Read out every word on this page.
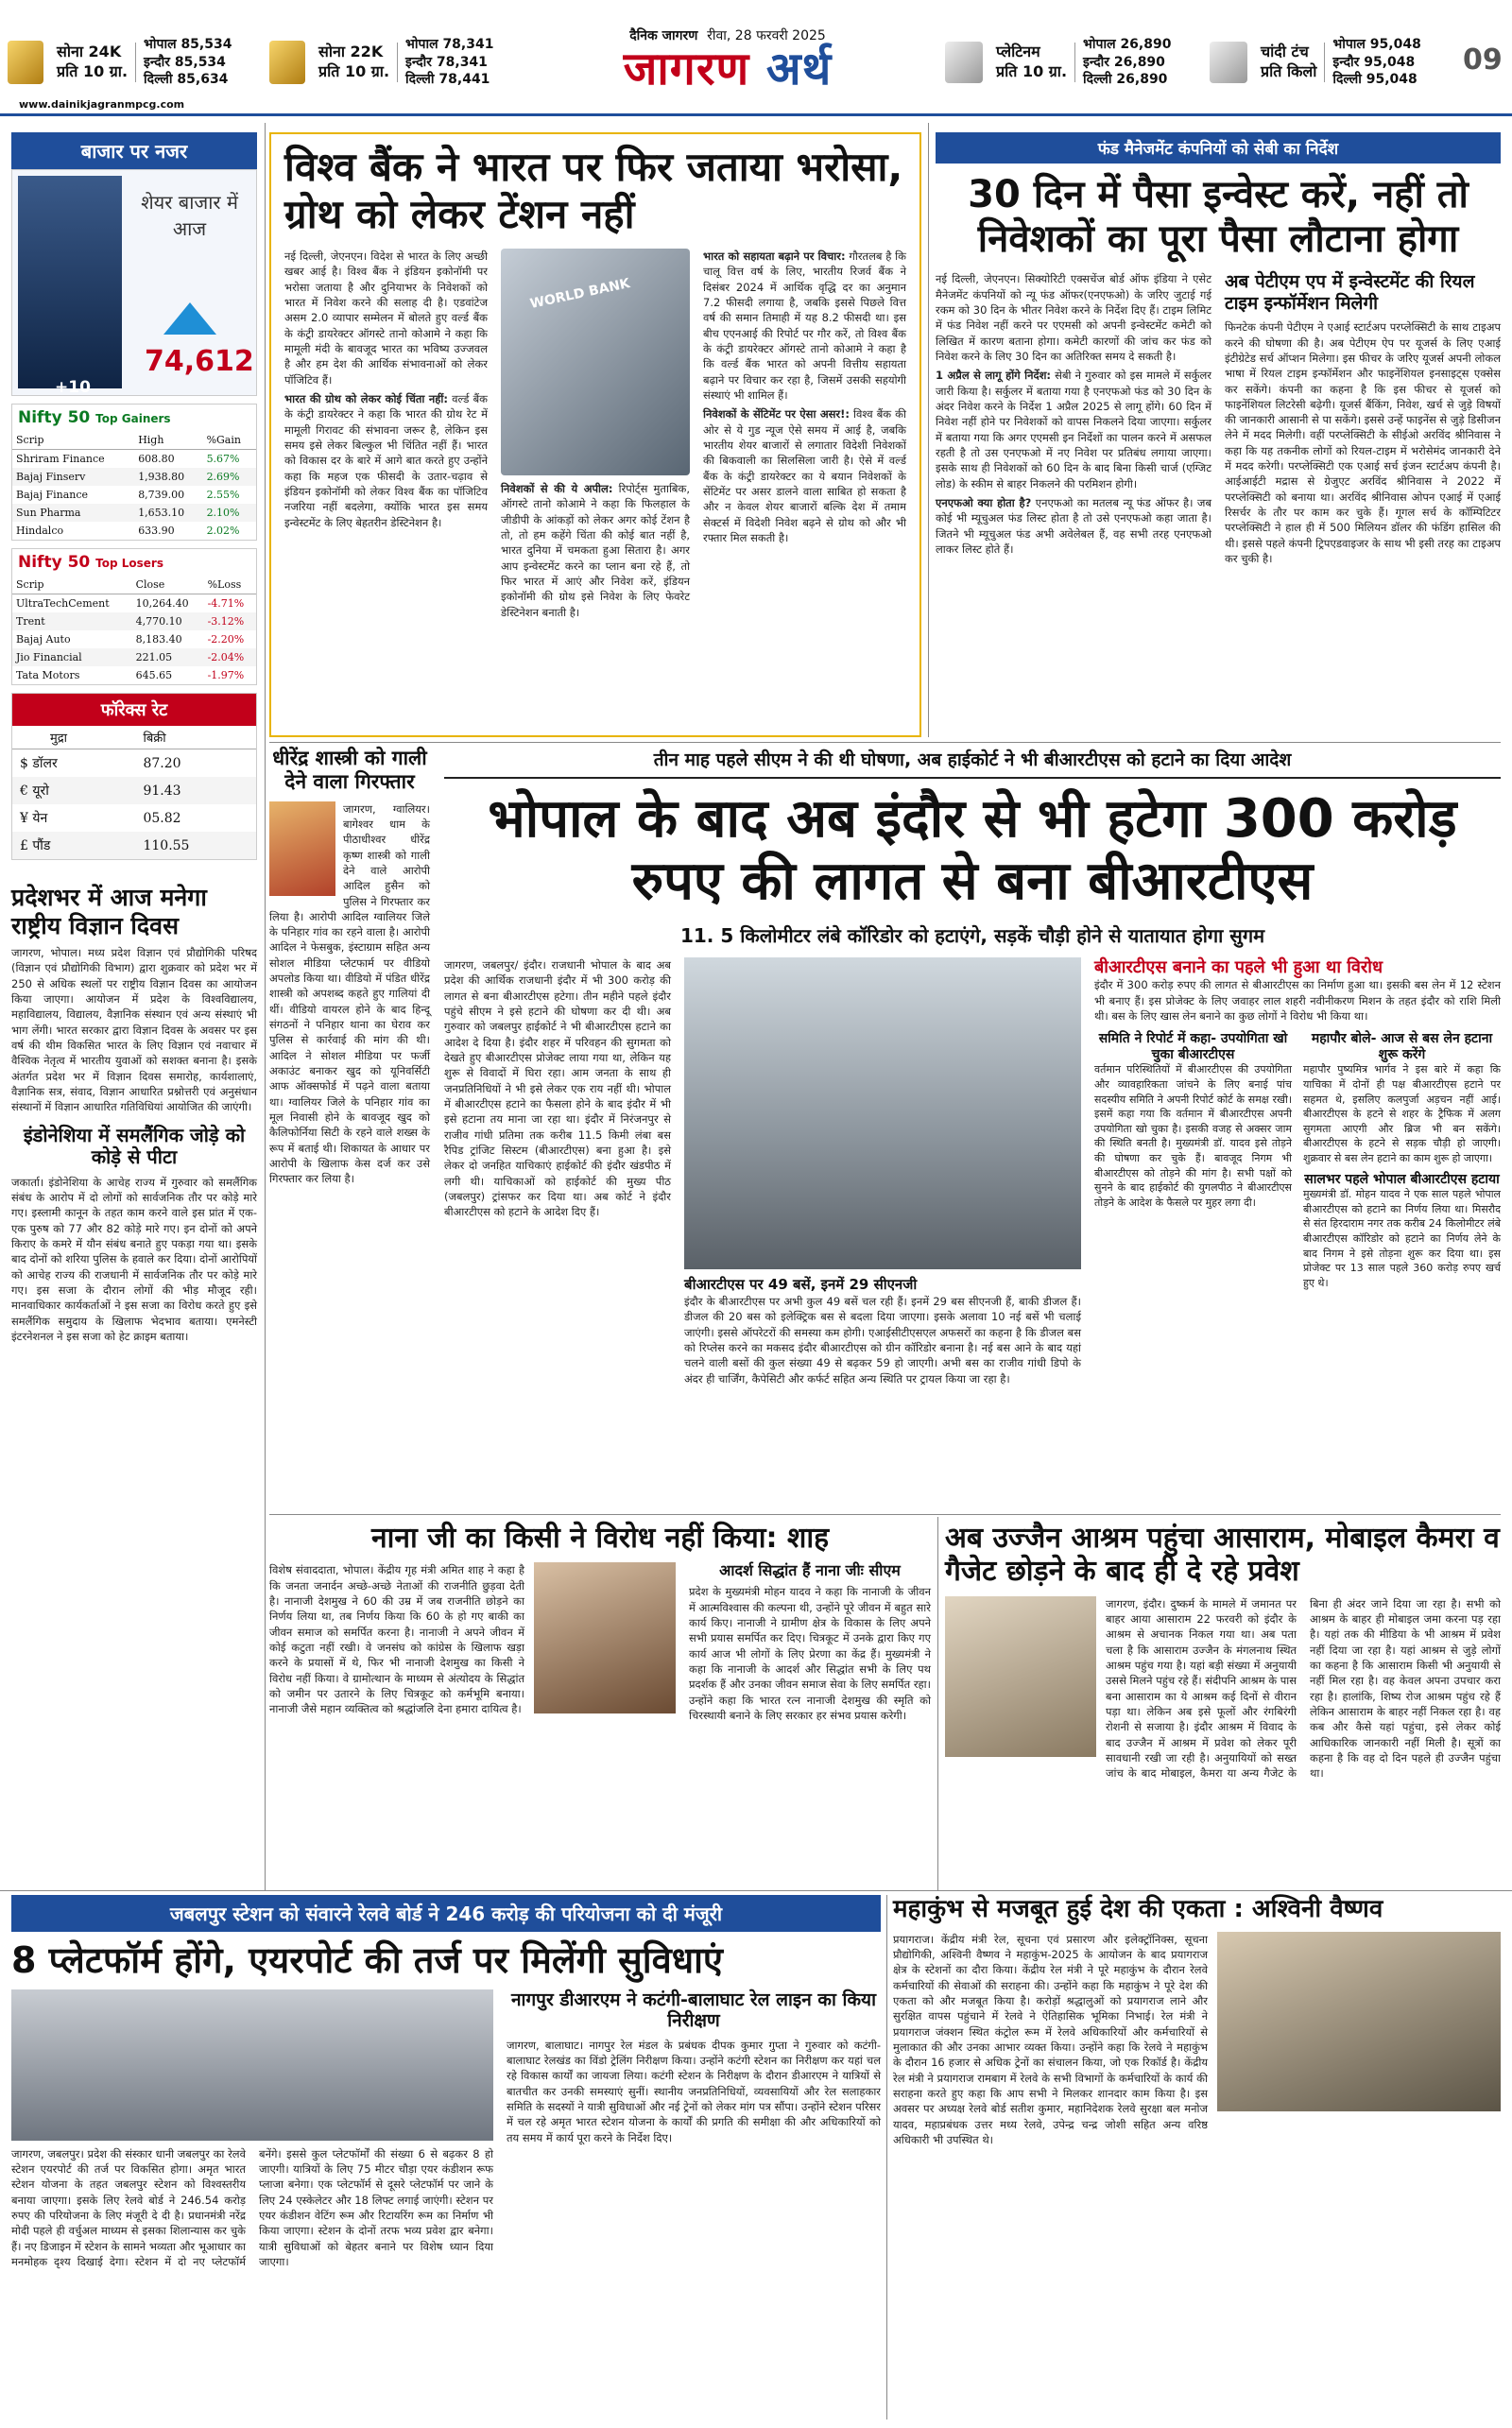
सोना 24K
प्रति 10 ग्रा.
भोपाल 85,534
इन्दौर 85,534
दिल्ली 85,634
सोना 22K
प्रति 10 ग्रा.
भोपाल 78,341
इन्दौर 78,341
दिल्ली 78,441
दैनिक जागरण रीवा, 28 फरवरी 2025
जागरण अर्थ	प्लेटिनम
प्रति 10 ग्रा.
भोपाल 26,890
इन्दौर 26,890
दिल्ली 26,890
चांदी टंच
प्रति किलो
भोपाल 95,048
इन्दौर 95,048
दिल्ली 95,048
09
www.dainikjagranmpcg.com
बाजार पर नजर
शेयर बाजार में आज
74,612
+10
Nifty 50 Top Gainers
Scrip	High	%Gain
Shriram Finance	608.80	5.67%
Bajaj Finserv	1,938.80	2.69%
Bajaj Finance	8,739.00	2.55%
Sun Pharma	1,653.10	2.10%
Hindalco	633.90	2.02%
Nifty 50 Top Losers
Scrip	Close	%Loss
UltraTechCement	10,264.40	-4.71%
Trent	4,770.10	-3.12%
Bajaj Auto	8,183.40	-2.20%
Jio Financial	221.05	-2.04%
Tata Motors	645.65	-1.97%
फॉरेक्स रेट
मुद्रा	बिक्री
$ डॉलर	87.20
€ यूरो	91.43
¥ येन	05.82
£ पौंड	110.55
विश्व बैंक ने भारत पर फिर जताया भरोसा, ग्रोथ को लेकर टेंशन नहीं

नई दिल्ली, जेएनएन। विदेश से भारत के लिए अच्छी खबर आई है। विश्व बैंक ने इंडियन इकोनॉमी पर भरोसा जताया है और दुनियाभर के निवेशकों को भारत में निवेश करने की सलाह दी है। एडवांटेज असम 2.0 व्यापार सम्मेलन में बोलते हुए वर्ल्ड बैंक के कंट्री डायरेक्टर ऑगस्टे तानो कोआमे ने कहा कि मामूली मंदी के बावजूद भारत का भविष्य उज्जवल है और हम देश की आर्थिक संभावनाओं को लेकर पॉजिटिव हैं।

भारत की ग्रोथ को लेकर कोई चिंता नहीं: वर्ल्ड बैंक के कंट्री डायरेक्टर ने कहा कि भारत की ग्रोथ रेट में मामूली गिरावट की संभावना जरूर है, लेकिन इस समय इसे लेकर बिल्कुल भी चिंतित नहीं हैं। भारत को विकास दर के बारे में आगे बात करते हुए उन्होंने कहा कि महज एक फीसदी के उतार-चढ़ाव से इंडियन इकोनॉमी को लेकर विश्व बैंक का पॉजिटिव नजरिया नहीं बदलेगा, क्योंकि भारत इस समय इन्वेस्टमेंट के लिए बेहतरीन डेस्टिनेशन है।

WORLD BANK

निवेशकों से की ये अपील: रिपोर्ट्स मुताबिक, ऑगस्टे तानो कोआमे ने कहा कि फिलहाल के जीडीपी के आंकड़ों को लेकर अगर कोई टेंशन है तो, तो हम कहेंगे चिंता की कोई बात नहीं है, भारत दुनिया में चमकता हुआ सितारा है। अगर आप इन्वेस्टमेंट करने का प्लान बना रहे हैं, तो फिर भारत में आएं और निवेश करें, इंडियन इकोनॉमी की ग्रोथ इसे निवेश के लिए फेवरेट डेस्टिनेशन बनाती है।

भारत को सहायता बढ़ाने पर विचार: गौरतलब है कि चालू वित्त वर्ष के लिए, भारतीय रिजर्व बैंक ने दिसंबर 2024 में आर्थिक वृद्धि दर का अनुमान 7.2 फीसदी लगाया है, जबकि इससे पिछले वित्त वर्ष की समान तिमाही में यह 8.2 फीसदी था। इस बीच एएनआई की रिपोर्ट पर गौर करें, तो विश्व बैंक के कंट्री डायरेक्टर ऑगस्टे तानो कोआमे ने कहा है कि वर्ल्ड बैंक भारत को अपनी वित्तीय सहायता बढ़ाने पर विचार कर रहा है, जिसमें उसकी सहयोगी संस्थाएं भी शामिल हैं।

निवेशकों के सेंटिमेंट पर ऐसा असर!: विश्व बैंक की ओर से ये गुड न्यूज ऐसे समय में आई है, जबकि भारतीय शेयर बाजारों से लगातार विदेशी निवेशकों की बिकवाली का सिलसिला जारी है। ऐसे में वर्ल्ड बैंक के कंट्री डायरेक्टर का ये बयान निवेशकों के सेंटिमेंट पर असर डालने वाला साबित हो सकता है और न केवल शेयर बाजारों बल्कि देश में तमाम सेक्टर्स में विदेशी निवेश बढ़ने से ग्रोथ को और भी रफ्तार मिल सकती है।

फंड मैनेजमेंट कंपनियों को सेबी का निर्देश
30 दिन में पैसा इन्वेस्ट करें, नहीं तो निवेशकों का पूरा पैसा लौटाना होगा

नई दिल्ली, जेएनएन। सिक्योरिटी एक्सचेंज बोर्ड ऑफ इंडिया ने एसेट मैनेजमेंट कंपनियों को न्यू फंड ऑफर(एनएफओ) के जरिए जुटाई गई रकम को 30 दिन के भीतर निवेश करने के निर्देश दिए हैं। टाइम लिमिट में फंड निवेश नहीं करने पर एएमसी को अपनी इन्वेस्टमेंट कमेटी को लिखित में कारण बताना होगा। कमेटी कारणों की जांच कर फंड को निवेश करने के लिए 30 दिन का अतिरिक्त समय दे सकती है।

1 अप्रैल से लागू होंगे निर्देश: सेबी ने गुरुवार को इस मामले में सर्कुलर जारी किया है। सर्कुलर में बताया गया है एनएफओ फंड को 30 दिन के अंदर निवेश करने के निर्देश 1 अप्रैल 2025 से लागू होंगे। 60 दिन में निवेश नहीं होने पर निवेशकों को वापस निकलने दिया जाएगा। सर्कुलर में बताया गया कि अगर एएमसी इन निर्देशों का पालन करने में असफल रहती है तो उस एनएफओ में नए निवेश पर प्रतिबंध लगाया जाएगा। इसके साथ ही निवेशकों को 60 दिन के बाद बिना किसी चार्ज (एग्जिट लोड) के स्कीम से बाहर निकलने की परमिशन होगी।

एनएफओ क्या होता है? एनएफओ का मतलब न्यू फंड ऑफर है। जब कोई भी म्यूचुअल फंड लिस्ट होता है तो उसे एनएफओ कहा जाता है। जितने भी म्यूचुअल फंड अभी अवेलेबल हैं, वह सभी तरह एनएफओ लाकर लिस्ट होते हैं।

अब पेटीएम एप में इन्वेस्टमेंट की रियल टाइम इन्फॉर्मेशन मिलेगी

फिनटेक कंपनी पेटीएम ने एआई स्टार्टअप परप्लेक्सिटी के साथ टाइअप करने की घोषणा की है। अब पेटीएम ऐप पर यूजर्स के लिए एआई इंटीग्रेटेड सर्च ऑप्शन मिलेगा। इस फीचर के जरिए यूजर्स अपनी लोकल भाषा में रियल टाइम इन्फॉर्मेशन और फाइनेंशियल इनसाइट्स एक्सेस कर सकेंगे। कंपनी का कहना है कि इस फीचर से यूजर्स को फाइनेंशियल लिटरेसी बढ़ेगी। यूजर्स बैंकिंग, निवेश, खर्च से जुड़े विषयों की जानकारी आसानी से पा सकेंगे। इससे उन्हें फाइनेंस से जुड़े डिसीजन लेने में मदद मिलेगी। वहीं परप्लेक्सिटी के सीईओ अरविंद श्रीनिवास ने कहा कि यह तकनीक लोगों को रियल-टाइम में भरोसेमंद जानकारी देने में मदद करेगी। परप्लेक्सिटी एक एआई सर्च इंजन स्टार्टअप कंपनी है। आईआईटी मद्रास से ग्रेजुएट अरविंद श्रीनिवास ने 2022 में परप्लेक्सिटी को बनाया था। अरविंद श्रीनिवास ओपन एआई में एआई रिसर्चर के तौर पर काम कर चुके हैं। गूगल सर्च के कॉम्पिटिटर परप्लेक्सिटी ने हाल ही में 500 मिलियन डॉलर की फंडिंग हासिल की थी। इससे पहले कंपनी ट्रिपएडवाइजर के साथ भी इसी तरह का टाइअप कर चुकी है।

धीरेंद्र शास्त्री को गाली देने वाला गिरफ्तार

जागरण, ग्वालियर। बागेश्वर धाम के पीठाधीश्वर धीरेंद्र कृष्ण शास्त्री को गाली देने वाले आरोपी आदिल हुसैन को पुलिस ने गिरफ्तार कर लिया है। आरोपी आदिल ग्वालियर जिले के पनिहार गांव का रहने वाला है। आरोपी आदिल ने फेसबुक, इंस्टाग्राम सहित अन्य सोशल मीडिया प्लेटफार्म पर वीडियो अपलोड किया था। वीडियो में पंडित धीरेंद्र शास्त्री को अपशब्द कहते हुए गालियां दी थीं। वीडियो वायरल होने के बाद हिन्दू संगठनों ने पनिहार थाना का घेराव कर पुलिस से कार्रवाई की मांग की थी। आदिल ने सोशल मीडिया पर फर्जी अकाउंट बनाकर खुद को यूनिवर्सिटी आफ ऑक्सफोर्ड में पढ़ने वाला बताया था। ग्वालियर जिले के पनिहार गांव का मूल निवासी होने के बावजूद खुद को कैलिफोर्निया सिटी के रहने वाले शख्स के रूप में बताई थी। शिकायत के आधार पर आरोपी के खिलाफ केस दर्ज कर उसे गिरफ्तार कर लिया है।

तीन माह पहले सीएम ने की थी घोषणा, अब हाईकोर्ट ने भी बीआरटीएस को हटाने का दिया आदेश
भोपाल के बाद अब इंदौर से भी हटेगा 300 करोड़ रुपए की लागत से बना बीआरटीएस
11. 5 किलोमीटर लंबे कॉरिडोर को हटाएंगे, सड़कें चौड़ी होने से यातायात होगा सुगम

जागरण, जबलपुर/ इंदौर। राजधानी भोपाल के बाद अब प्रदेश की आर्थिक राजधानी इंदौर में भी 300 करोड़ की लागत से बना बीआरटीएस हटेगा। तीन महीने पहले इंदौर पहुंचे सीएम ने इसे हटाने की घोषणा कर दी थी। अब गुरुवार को जबलपुर हाईकोर्ट ने भी बीआरटीएस हटाने का आदेश दे दिया है। इंदौर शहर में परिवहन की सुगमता को देखते हुए बीआरटीएस प्रोजेक्ट लाया गया था, लेकिन यह शुरू से विवादों में घिरा रहा। आम जनता के साथ ही जनप्रतिनिधियों ने भी इसे लेकर एक राय नहीं थी। भोपाल में बीआरटीएस हटाने का फैसला होने के बाद इंदौर में भी इसे हटाना तय माना जा रहा था। इंदौर में निरंजनपुर से राजीव गांधी प्रतिमा तक करीब 11.5 किमी लंबा बस रैपिड ट्रांजिट सिस्टम (बीआरटीएस) बना हुआ है। इसे लेकर दो जनहित याचिकाएं हाईकोर्ट की इंदौर खंडपीठ में लगी थी। याचिकाओं को हाईकोर्ट की मुख्य पीठ (जबलपुर) ट्रांसफर कर दिया था। अब कोर्ट ने इंदौर बीआरटीएस को हटाने के आदेश दिए हैं।

बीआरटीएस पर 49 बसें, इनमें 29 सीएनजी

इंदौर के बीआरटीएस पर अभी कुल 49 बसें चल रही हैं। इनमें 29 बस सीएनजी हैं, बाकी डीजल हैं। डीजल की 20 बस को इलेक्ट्रिक बस से बदला दिया जाएगा। इसके अलावा 10 नई बसें भी चलाई जाएंगी। इससे ऑपरेटरों की समस्या कम होगी। एआईसीटीएसएल अफसरों का कहना है कि डीजल बस को रिप्लेस करने का मकसद इंदौर बीआरटीएस को ग्रीन कॉरिडोर बनाना है। नई बस आने के बाद यहां चलने वाली बसों की कुल संख्या 49 से बढ़कर 59 हो जाएगी। अभी बस का राजीव गांधी डिपो के अंदर ही चार्जिंग, कैपेसिटी और कर्फर्ट सहित अन्य स्थिति पर ट्रायल किया जा रहा है।

बीआरटीएस बनाने का पहले भी हुआ था विरोध

इंदौर में 300 करोड़ रुपए की लागत से बीआरटीएस का निर्माण हुआ था। इसकी बस लेन में 12 स्टेशन भी बनाए हैं। इस प्रोजेक्ट के लिए जवाहर लाल शहरी नवीनीकरण मिशन के तहत इंदौर को राशि मिली थी। बस के लिए खास लेन बनाने का कुछ लोगों ने विरोध भी किया था।

समिति ने रिपोर्ट में कहा- उपयोगिता खो चुका बीआरटीएस

वर्तमान परिस्थितियों में बीआरटीएस की उपयोगिता और व्यावहारिकता जांचने के लिए बनाई पांच सदस्यीय समिति ने अपनी रिपोर्ट कोर्ट के समक्ष रखी। इसमें कहा गया कि वर्तमान में बीआरटीएस अपनी उपयोगिता खो चुका है। इसकी वजह से अक्सर जाम की स्थिति बनती है। मुख्यमंत्री डॉ. यादव इसे तोड़ने की घोषणा कर चुके हैं। बावजूद निगम भी बीआरटीएस को तोड़ने की मांग है। सभी पक्षों को सुनने के बाद हाईकोर्ट की युगलपीठ ने बीआरटीएस तोड़ने के आदेश के फैसले पर मुहर लगा दी।

महापौर बोले- आज से बस लेन हटाना शुरू करेंगे

महापौर पुष्यमित्र भार्गव ने इस बारे में कहा कि याचिका में दोनों ही पक्ष बीआरटीएस हटाने पर सहमत थे, इसलिए कलपुर्जा अड़चन नहीं आई। बीआरटीएस के हटने से शहर के ट्रैफिक में अलग सुगमता आएगी और ब्रिज भी बन सकेंगे। बीआरटीएस के हटने से सड़क चौड़ी हो जाएगी। शुक्रवार से बस लेन हटाने का काम शुरू हो जाएगा।

सालभर पहले भोपाल बीआरटीएस हटाया

मुख्यमंत्री डॉ. मोहन यादव ने एक साल पहले भोपाल बीआरटीएस को हटाने का निर्णय लिया था। मिसरौद से संत हिरदाराम नगर तक करीब 24 किलोमीटर लंबे बीआरटीएस कॉरिडोर को हटाने का निर्णय लेने के बाद निगम ने इसे तोड़ना शुरू कर दिया था। इस प्रोजेक्ट पर 13 साल पहले 360 करोड़ रुपए खर्च हुए थे।

प्रदेशभर में आज मनेगा राष्ट्रीय विज्ञान दिवस

जागरण, भोपाल। मध्य प्रदेश विज्ञान एवं प्रौद्योगिकी परिषद (विज्ञान एवं प्रौद्योगिकी विभाग) द्वारा शुक्रवार को प्रदेश भर में 250 से अधिक स्थलों पर राष्ट्रीय विज्ञान दिवस का आयोजन किया जाएगा। आयोजन में प्रदेश के विश्वविद्यालय, महाविद्यालय, विद्यालय, वैज्ञानिक संस्थान एवं अन्य संस्थाएं भी भाग लेंगी। भारत सरकार द्वारा विज्ञान दिवस के अवसर पर इस वर्ष की थीम विकसित भारत के लिए विज्ञान एवं नवाचार में वैश्विक नेतृत्व में भारतीय युवाओं को सशक्त बनाना है। इसके अंतर्गत प्रदेश भर में विज्ञान दिवस समारोह, कार्यशालाएं, वैज्ञानिक सत्र, संवाद, विज्ञान आधारित प्रश्नोत्तरी एवं अनुसंधान संस्थानों में विज्ञान आधारित गतिविधियां आयोजित की जाएंगी।

इंडोनेशिया में समलैंगिक जोड़े को कोड़े से पीटा

जकार्ता। इंडोनेशिया के आचेह राज्य में गुरुवार को समलैंगिक संबंध के आरोप में दो लोगों को सार्वजनिक तौर पर कोड़े मारे गए। इस्लामी कानून के तहत काम करने वाले इस प्रांत में एक-एक पुरुष को 77 और 82 कोड़े मारे गए। इन दोनों को अपने किराए के कमरे में यौन संबंध बनाते हुए पकड़ा गया था। इसके बाद दोनों को शरिया पुलिस के हवाले कर दिया। दोनों आरोपियों को आचेह राज्य की राजधानी में सार्वजनिक तौर पर कोड़े मारे गए। इस सजा के दौरान लोगों की भीड़ मौजूद रही। मानवाधिकार कार्यकर्ताओं ने इस सजा का विरोध करते हुए इसे समलैंगिक समुदाय के खिलाफ भेदभाव बताया। एमनेस्टी इंटरनेशनल ने इस सजा को हेट क्राइम बताया।

नाना जी का किसी ने विरोध नहीं किया: शाह

विशेष संवाददाता, भोपाल। केंद्रीय गृह मंत्री अमित शाह ने कहा है कि जनता जनार्दन अच्छे-अच्छे नेताओं की राजनीति छुड़वा देती है। नानाजी देशमुख ने 60 की उम्र में जब राजनीति छोड़ने का निर्णय लिया था, तब निर्णय किया कि 60 के हो गए बाकी का जीवन समाज को समर्पित करना है। नानाजी ने अपने जीवन में कोई कटुता नहीं रखी। वे जनसंघ को कांग्रेस के खिलाफ खड़ा करने के प्रयासों में थे, फिर भी नानाजी देशमुख का किसी ने विरोध नहीं किया। वे ग्रामोत्थान के माध्यम से अंत्योदय के सिद्धांत को जमीन पर उतारने के लिए चित्रकूट को कर्मभूमि बनाया। नानाजी जैसे महान व्यक्तित्व को श्रद्धांजलि देना हमारा दायित्व है।

आदर्श सिद्धांत हैं नाना जीः सीएम

प्रदेश के मुख्यमंत्री मोहन यादव ने कहा कि नानाजी के जीवन में आत्मविश्वास की कल्पना थी, उन्होंने पूरे जीवन में बहुत सारे कार्य किए। नानाजी ने ग्रामीण क्षेत्र के विकास के लिए अपने सभी प्रयास समर्पित कर दिए। चित्रकूट में उनके द्वारा किए गए कार्य आज भी लोगों के लिए प्रेरणा का केंद्र हैं। मुख्यमंत्री ने कहा कि नानाजी के आदर्श और सिद्धांत सभी के लिए पथ प्रदर्शक हैं और उनका जीवन समाज सेवा के लिए समर्पित रहा। उन्होंने कहा कि भारत रत्न नानाजी देशमुख की स्मृति को चिरस्थायी बनाने के लिए सरकार हर संभव प्रयास करेगी।

अब उज्जैन आश्रम पहुंचा आसाराम, मोबाइल कैमरा व गैजेट छोड़ने के बाद ही दे रहे प्रवेश

जागरण, इंदौर। दुष्कर्म के मामले में जमानत पर बाहर आया आसाराम 22 फरवरी को इंदौर के आश्रम से अचानक निकल गया था। अब पता चला है कि आसाराम उज्जैन के मंगलनाथ स्थित आश्रम पहुंच गया है। यहां बड़ी संख्या में अनुयायी उससे मिलने पहुंच रहे हैं। संदीपनि आश्रम के पास बना आसाराम का ये आश्रम कई दिनों से वीरान पड़ा था। लेकिन अब इसे फूलों और रंगबिरंगी रोशनी से सजाया है। इंदौर आश्रम में विवाद के बाद उज्जैन में आश्रम में प्रवेश को लेकर पूरी सावधानी रखी जा रही है। अनुयायियों को सख्त जांच के बाद मोबाइल, कैमरा या अन्य गैजेट के बिना ही अंदर जाने दिया जा रहा है। सभी को आश्रम के बाहर ही मोबाइल जमा करना पड़ रहा है। यहां तक की मीडिया के भी आश्रम में प्रवेश नहीं दिया जा रहा है। यहां आश्रम से जुड़े लोगों का कहना है कि आसाराम किसी भी अनुयायी से नहीं मिल रहा है। वह केवल अपना उपचार करा रहा है। हालांकि, शिष्य रोज आश्रम पहुंच रहे हैं लेकिन आसाराम के बाहर नहीं निकल रहा है। वह कब और कैसे यहां पहुंचा, इसे लेकर कोई आधिकारिक जानकारी नहीं मिली है। सूत्रों का कहना है कि वह दो दिन पहले ही उज्जैन पहुंचा था।

जबलपुर स्टेशन को संवारने रेलवे बोर्ड ने 246 करोड़ की परियोजना को दी मंजूरी
8 प्लेटफॉर्म होंगे, एयरपोर्ट की तर्ज पर मिलेंगी सुविधाएं

जागरण, जबलपुर। प्रदेश की संस्कार धानी जबलपुर का रेलवे स्टेशन एयरपोर्ट की तर्ज पर विकसित होगा। अमृत भारत स्टेशन योजना के तहत जबलपुर स्टेशन को विश्वस्तरीय बनाया जाएगा। इसके लिए रेलवे बोर्ड ने 246.54 करोड़ रुपए की परियोजना के लिए मंजूरी दे दी है। प्रधानमंत्री नरेंद्र मोदी पहले ही वर्चुअल माध्यम से इसका शिलान्यास कर चुके हैं। नए डिजाइन में स्टेशन के सामने भव्यता और भूआधार का मनमोहक दृश्य दिखाई देगा। स्टेशन में दो नए प्लेटफॉर्म बनेंगे। इससे कुल प्लेटफॉर्मों की संख्या 6 से बढ़कर 8 हो जाएगी। यात्रियों के लिए 75 मीटर चौड़ा एयर कंडीशन रूफ प्लाजा बनेगा। एक प्लेटफॉर्म से दूसरे प्लेटफॉर्म पर जाने के लिए 24 एस्केलेटर और 18 लिफ्ट लगाई जाएंगी। स्टेशन पर एयर कंडीशन वेटिंग रूम और रिटायरिंग रूम का निर्माण भी किया जाएगा। स्टेशन के दोनों तरफ भव्य प्रवेश द्वार बनेगा। यात्री सुविधाओं को बेहतर बनाने पर विशेष ध्यान दिया जाएगा।

नागपुर डीआरएम ने कटंगी-बालाघाट रेल लाइन का किया निरीक्षण

जागरण, बालाघाट। नागपुर रेल मंडल के प्रबंधक दीपक कुमार गुप्ता ने गुरुवार को कटंगी-बालाघाट रेलखंड का विंडो ट्रेलिंग निरीक्षण किया। उन्होंने कटंगी स्टेशन का निरीक्षण कर यहां चल रहे विकास कार्यों का जायजा लिया। कटंगी स्टेशन के निरीक्षण के दौरान डीआरएम ने यात्रियों से बातचीत कर उनकी समस्याएं सुनीं। स्थानीय जनप्रतिनिधियों, व्यवसायियों और रेल सलाहकार समिति के सदस्यों ने यात्री सुविधाओं और नई ट्रेनों को लेकर मांग पत्र सौंपा। उन्होंने स्टेशन परिसर में चल रहे अमृत भारत स्टेशन योजना के कार्यों की प्रगति की समीक्षा की और अधिकारियों को तय समय में कार्य पूरा करने के निर्देश दिए।

महाकुंभ से मजबूत हुई देश की एकता : अश्विनी वैष्णव

प्रयागराज। केंद्रीय मंत्री रेल, सूचना एवं प्रसारण और इलेक्ट्रॉनिक्स, सूचना प्रौद्योगिकी, अश्विनी वैष्णव ने महाकुंभ-2025 के आयोजन के बाद प्रयागराज क्षेत्र के स्टेशनों का दौरा किया। केंद्रीय रेल मंत्री ने पूरे महाकुंभ के दौरान रेलवे कर्मचारियों की सेवाओं की सराहना की। उन्होंने कहा कि महाकुंभ ने पूरे देश की एकता को और मजबूत किया है। करोड़ों श्रद्धालुओं को प्रयागराज लाने और सुरक्षित वापस पहुंचाने में रेलवे ने ऐतिहासिक भूमिका निभाई। रेल मंत्री ने प्रयागराज जंक्शन स्थित कंट्रोल रूम में रेलवे अधिकारियों और कर्मचारियों से मुलाकात की और उनका आभार व्यक्त किया। उन्होंने कहा कि रेलवे ने महाकुंभ के दौरान 16 हजार से अधिक ट्रेनों का संचालन किया, जो एक रिकॉर्ड है। केंद्रीय रेल मंत्री ने प्रयागराज रामबाग में रेलवे के सभी विभागों के कर्मचारियों के कार्य की सराहना करते हुए कहा कि आप सभी ने मिलकर शानदार काम किया है। इस अवसर पर अध्यक्ष रेलवे बोर्ड सतीश कुमार, महानिदेशक रेलवे सुरक्षा बल मनोज यादव, महाप्रबंधक उत्तर मध्य रेलवे, उपेन्द्र चन्द्र जोशी सहित अन्य वरिष्ठ अधिकारी भी उपस्थित थे।
